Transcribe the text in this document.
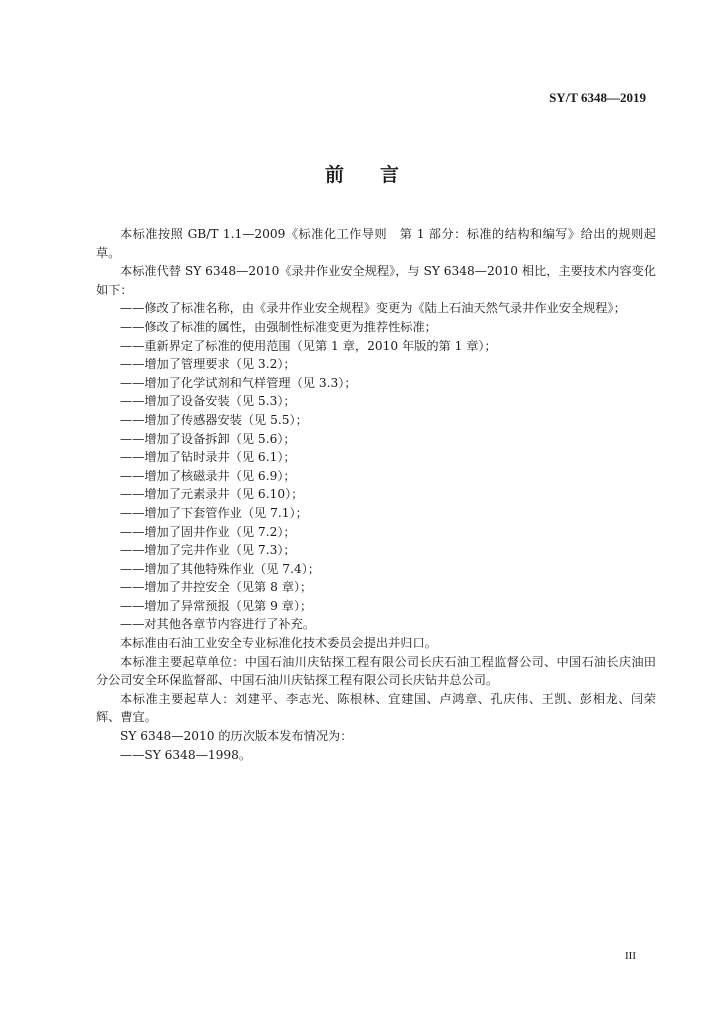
SY/T 6348—2019
前 言

本标准按照 GB/T 1.1—2009《标准化工作导则　第 1 部分：标准的结构和编写》给出的规则起草。

本标准代替 SY 6348—2010《录井作业安全规程》，与 SY 6348—2010 相比，主要技术内容变化如下：

——修改了标准名称，由《录井作业安全规程》变更为《陆上石油天然气录井作业安全规程》；

——修改了标准的属性，由强制性标准变更为推荐性标准；

——重新界定了标准的使用范围（见第 1 章，2010 年版的第 1 章）；

——增加了管理要求（见 3.2）；

——增加了化学试剂和气样管理（见 3.3）；

——增加了设备安装（见 5.3）；

——增加了传感器安装（见 5.5）；

——增加了设备拆卸（见 5.6）；

——增加了钻时录井（见 6.1）；

——增加了核磁录井（见 6.9）；

——增加了元素录井（见 6.10）；

——增加了下套管作业（见 7.1）；

——增加了固井作业（见 7.2）；

——增加了完井作业（见 7.3）；

——增加了其他特殊作业（见 7.4）；

——增加了井控安全（见第 8 章）；

——增加了异常预报（见第 9 章）；

——对其他各章节内容进行了补充。

本标准由石油工业安全专业标准化技术委员会提出并归口。

本标准主要起草单位：中国石油川庆钻探工程有限公司长庆石油工程监督公司、中国石油长庆油田分公司安全环保监督部、中国石油川庆钻探工程有限公司长庆钻井总公司。

本标准主要起草人：刘建平、李志光、陈根林、宜建国、卢鸿章、孔庆伟、王凯、彭相龙、闫荣辉、曹宜。

SY 6348—2010 的历次版本发布情况为：

——SY 6348—1998。

III
